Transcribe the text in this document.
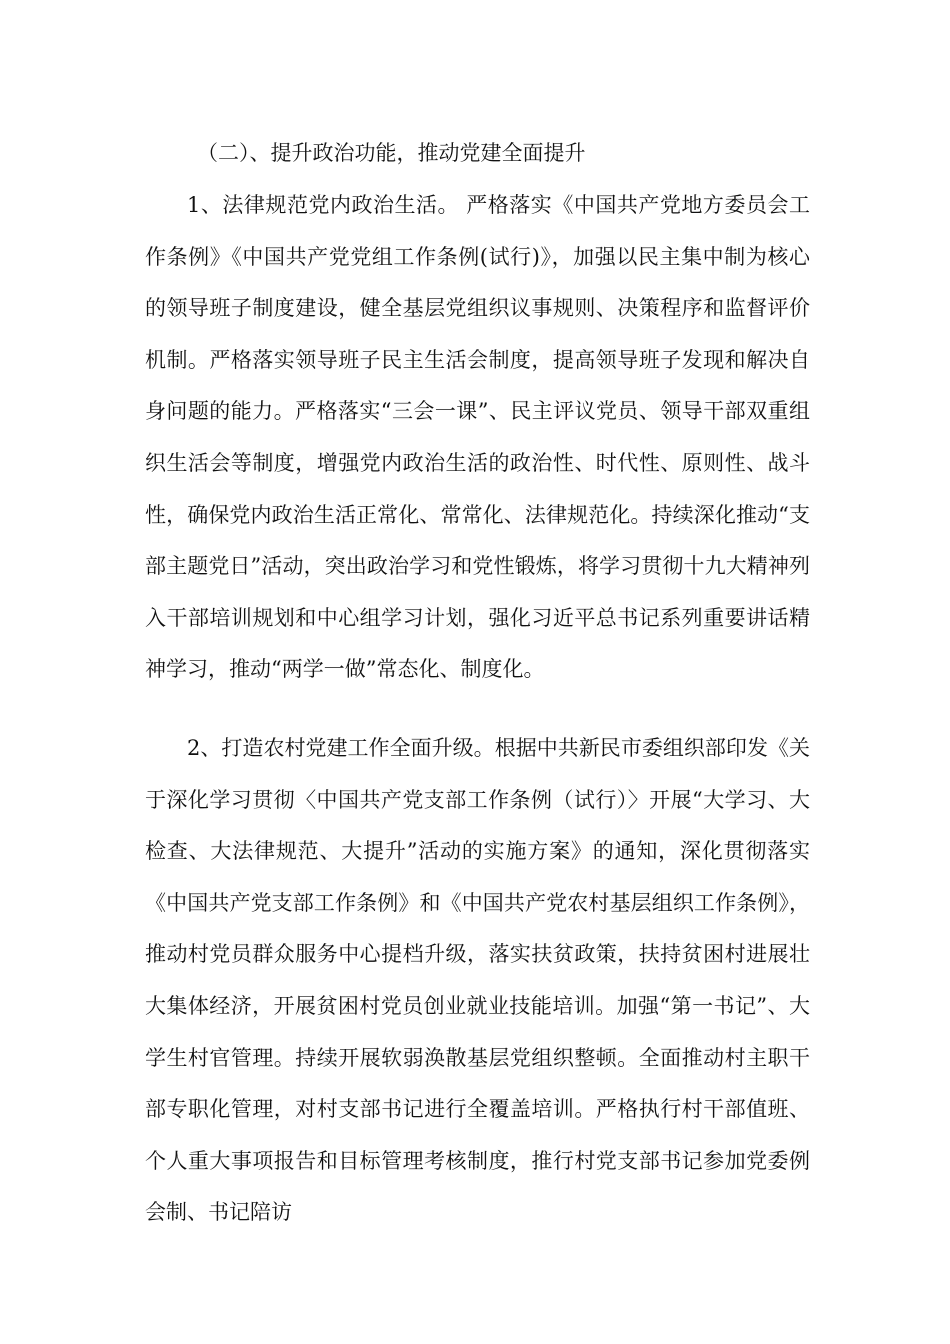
（二）、提升政治功能，推动党建全面提升

1、法律规范党内政治生活。 严格落实《中国共产党地方委员会工作条例》《中国共产党党组工作条例(试行)》，加强以民主集中制为核心的领导班子制度建设，健全基层党组织议事规则、决策程序和监督评价机制。严格落实领导班子民主生活会制度，提高领导班子发现和解决自身问题的能力。严格落实“三会一课”、民主评议党员、领导干部双重组织生活会等制度，增强党内政治生活的政治性、时代性、原则性、战斗性，确保党内政治生活正常化、常常化、法律规范化。持续深化推动“支部主题党日”活动，突出政治学习和党性锻炼，将学习贯彻十九大精神列入干部培训规划和中心组学习计划，强化习近平总书记系列重要讲话精神学习，推动“两学一做”常态化、制度化。

2、打造农村党建工作全面升级。根据中共新民市委组织部印发《关于深化学习贯彻〈中国共产党支部工作条例（试行）〉开展“大学习、大检查、大法律规范、大提升”活动的实施方案》的通知，深化贯彻落实《中国共产党支部工作条例》和《中国共产党农村基层组织工作条例》，推动村党员群众服务中心提档升级，落实扶贫政策，扶持贫困村进展壮大集体经济，开展贫困村党员创业就业技能培训。加强“第一书记”、大学生村官管理。持续开展软弱涣散基层党组织整顿。全面推动村主职干部专职化管理，对村支部书记进行全覆盖培训。严格执行村干部值班、个人重大事项报告和目标管理考核制度，推行村党支部书记参加党委例会制、书记陪访
